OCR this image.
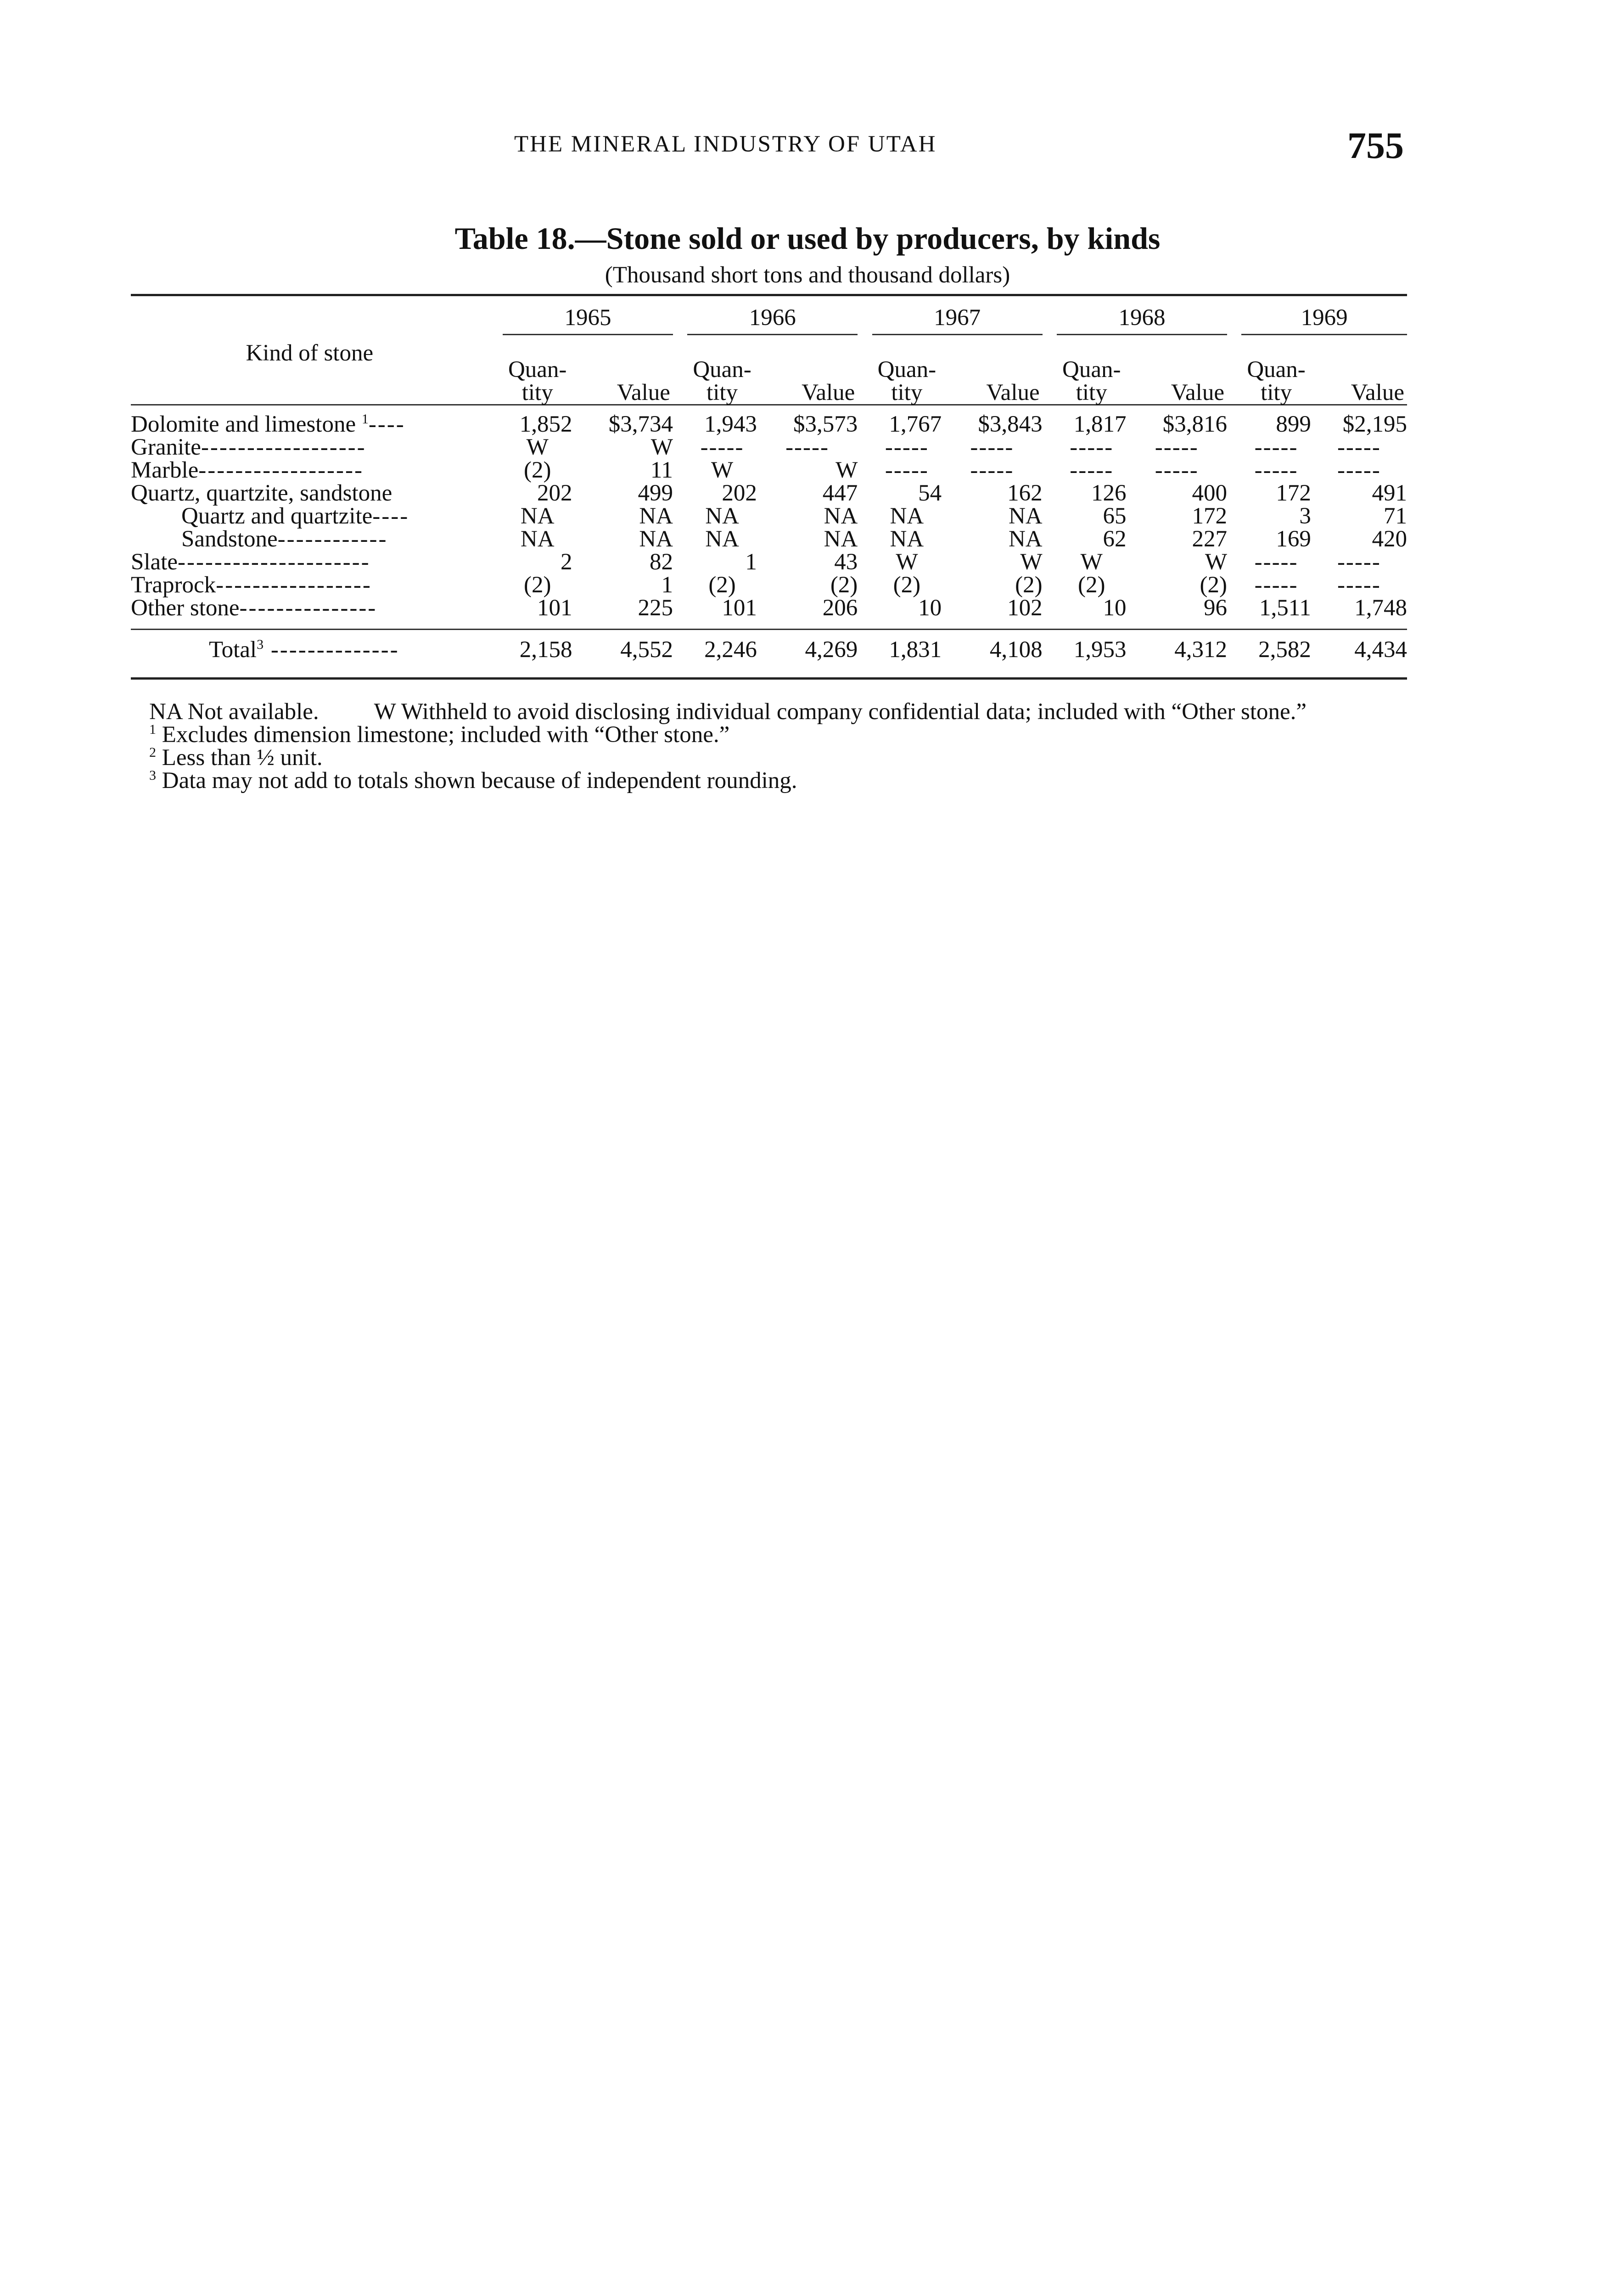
THE MINERAL INDUSTRY OF UTAH	755
Table 18.—Stone sold or used by producers, by kinds
(Thousand short tons and thousand dollars)

Kind of stone		1965			1966			1967			1968			1969	
		Quan-
tity	Value		Quan-
tity	Value		Quan-
tity	Value		Quan-
tity	Value		Quan-
tity	Value

Dolomite and limestone $^1$----		1,852	$3,734		1,943	$3,573		1,767	$3,843		1,817	$3,816		899	$2,195
Granite------------------		W	W		-----	-----		-----	-----		-----	-----		-----	-----
Marble------------------		(2)	11		W	W		-----	-----		-----	-----		-----	-----
Quartz, quartzite, sandstone		202	499		202	447		54	162		126	400		172	491
Quartz and quartzite----		NA	NA		NA	NA		NA	NA		65	172		3	71
Sandstone------------		NA	NA		NA	NA		NA	NA		62	227		169	420
Slate---------------------		2	82		1	43		W	W		W	W		-----	-----
Traprock-----------------		(2)	1		(2)	(2)		(2)	(2)		(2)	(2)		-----	-----
Other stone---------------		101	225		101	206		10	102		10	96		1,511	1,748

Total$^3$ --------------		2,158	4,552		2,246	4,269		1,831	4,108		1,953	4,312		2,582	4,434

NA Not available. W Withheld to avoid disclosing individual company confidential data; included with “Other stone.”

$^1$ Excludes dimension limestone; included with “Other stone.”

$^2$ Less than ½ unit.

$^3$ Data may not add to totals shown because of independent rounding.
